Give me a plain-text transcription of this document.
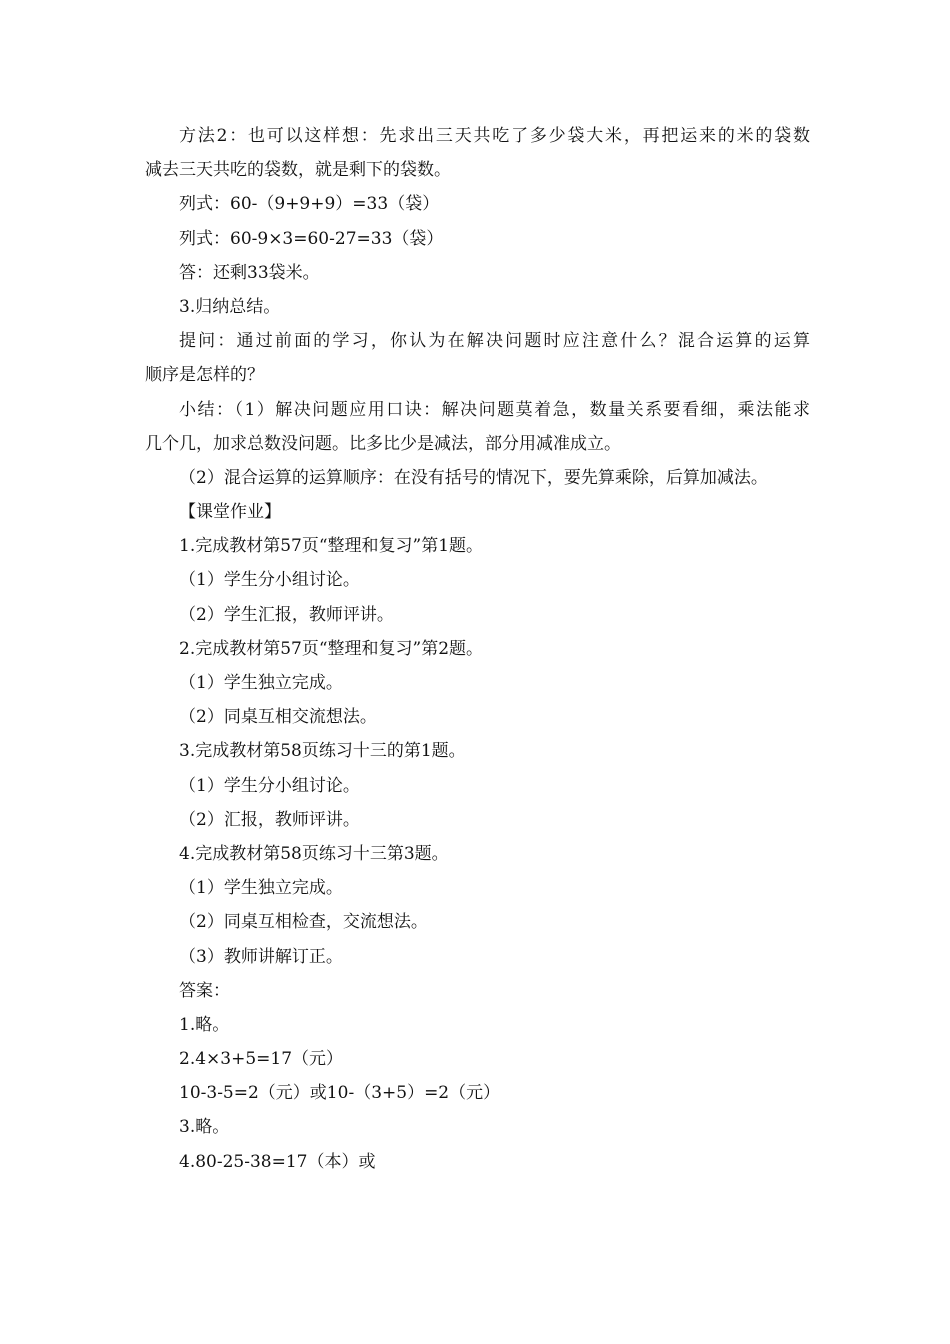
方法2：也可以这样想：先求出三天共吃了多少袋大米，再把运来的米的袋数
减去三天共吃的袋数，就是剩下的袋数。
列式：60-（9+9+9）=33（袋）
列式：60-9×3=60-27=33（袋）
答：还剩33袋米。
3.归纳总结。
提问：通过前面的学习，你认为在解决问题时应注意什么？混合运算的运算
顺序是怎样的？
小结：（1）解决问题应用口诀：解决问题莫着急，数量关系要看细，乘法能求
几个几，加求总数没问题。比多比少是减法，部分用减准成立。
（2）混合运算的运算顺序：在没有括号的情况下，要先算乘除，后算加减法。
【课堂作业】
1.完成教材第57页“整理和复习”第1题。
（1）学生分小组讨论。
（2）学生汇报，教师评讲。
2.完成教材第57页“整理和复习”第2题。
（1）学生独立完成。
（2）同桌互相交流想法。
3.完成教材第58页练习十三的第1题。
（1）学生分小组讨论。
（2）汇报，教师评讲。
4.完成教材第58页练习十三第3题。
（1）学生独立完成。
（2）同桌互相检查，交流想法。
（3）教师讲解订正。
答案：
1.略。
2.4×3+5=17（元）
10-3-5=2（元）或10-（3+5）=2（元）
3.略。
4.80-25-38=17（本）或
